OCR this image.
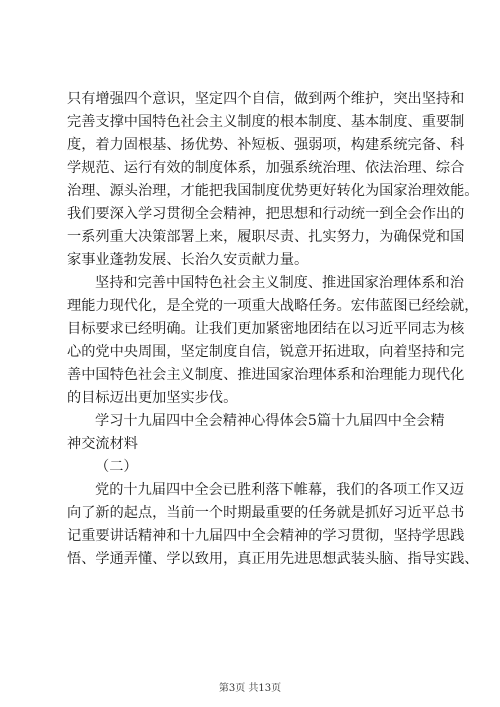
只有增强四个意识，坚定四个自信，做到两个维护，突出坚持和
完善支撑中国特色社会主义制度的根本制度、基本制度、重要制
度，着力固根基、扬优势、补短板、强弱项，构建系统完备、科
学规范、运行有效的制度体系，加强系统治理、依法治理、综合
治理、源头治理，才能把我国制度优势更好转化为国家治理效能。
我们要深入学习贯彻全会精神，把思想和行动统一到全会作出的
一系列重大决策部署上来，履职尽责、扎实努力，为确保党和国
家事业蓬勃发展、长治久安贡献力量。
坚持和完善中国特色社会主义制度、推进国家治理体系和治
理能力现代化，是全党的一项重大战略任务。宏伟蓝图已经绘就，
目标要求已经明确。让我们更加紧密地团结在以习近平同志为核
心的党中央周围，坚定制度自信，锐意开拓进取，向着坚持和完
善中国特色社会主义制度、推进国家治理体系和治理能力现代化
的目标迈出更加坚实步伐。
学习十九届四中全会精神心得体会5篇十九届四中全会精
神交流材料
（二）
党的十九届四中全会已胜利落下帷幕，我们的各项工作又迈
向了新的起点，当前一个时期最重要的任务就是抓好习近平总书
记重要讲话精神和十九届四中全会精神的学习贯彻，坚持学思践
悟、学通弄懂、学以致用，真正用先进思想武装头脑、指导实践、
第3页 共13页
